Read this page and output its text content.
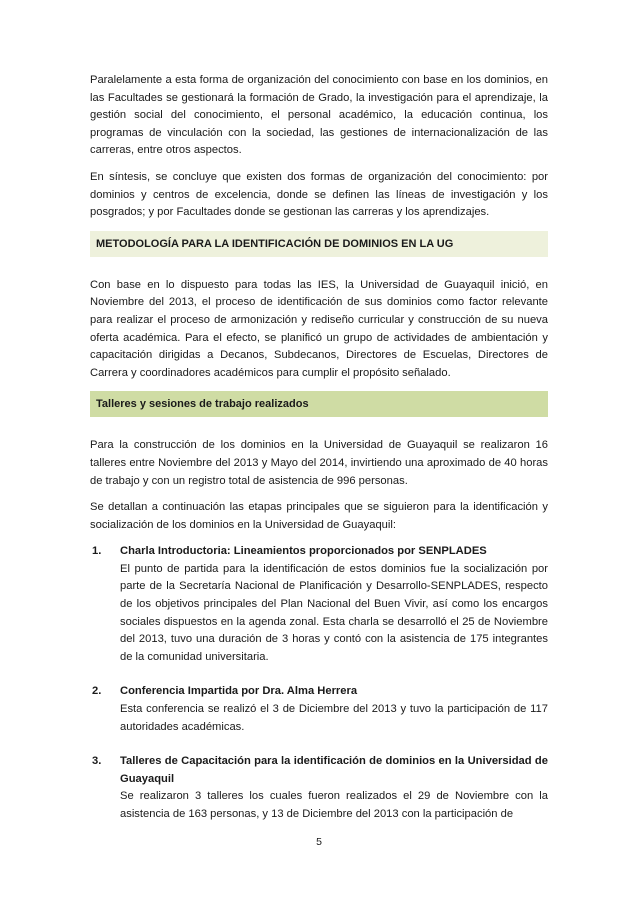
Paralelamente a esta forma de organización del conocimiento con base en los dominios, en las Facultades se gestionará la formación de Grado, la investigación para el aprendizaje, la gestión social del conocimiento, el personal académico, la educación continua, los programas de vinculación con la sociedad, las gestiones de internacionalización de las carreras, entre otros aspectos.

En síntesis, se concluye que existen dos formas de organización del conocimiento: por dominios y centros de excelencia, donde se definen las líneas de investigación y los posgrados; y por Facultades donde se gestionan las carreras y los aprendizajes.

METODOLOGÍA PARA LA IDENTIFICACIÓN DE DOMINIOS EN LA UG

Con base en lo dispuesto para todas las IES, la Universidad de Guayaquil inició, en Noviembre del 2013, el proceso de identificación de sus dominios como factor relevante para realizar el proceso de armonización y rediseño curricular y construcción de su nueva oferta académica. Para el efecto, se planificó un grupo de actividades de ambientación y capacitación dirigidas a Decanos, Subdecanos, Directores de Escuelas, Directores de Carrera y coordinadores académicos para cumplir el propósito señalado.

Talleres y sesiones de trabajo realizados

Para la construcción de los dominios en la Universidad de Guayaquil se realizaron 16 talleres entre Noviembre del 2013 y Mayo del 2014, invirtiendo una aproximado de 40 horas de trabajo y con un registro total de asistencia de 996 personas.

Se detallan a continuación las etapas principales que se siguieron para la identificación y socialización de los dominios en la Universidad de Guayaquil:

1.	Charla Introductoria: Lineamientos proporcionados por SENPLADES
El punto de partida para la identificación de estos dominios fue la socialización por parte de la Secretaría Nacional de Planificación y Desarrollo-SENPLADES, respecto de los objetivos principales del Plan Nacional del Buen Vivir, así como los encargos sociales dispuestos en la agenda zonal. Esta charla se desarrolló el 25 de Noviembre del 2013, tuvo una duración de 3 horas y contó con la asistencia de 175 integrantes de la comunidad universitaria.
2.	Conferencia Impartida por Dra. Alma Herrera
Esta conferencia se realizó el 3 de Diciembre del 2013 y tuvo la participación de 117 autoridades académicas.
3.	Talleres de Capacitación para la identificación de dominios en la Universidad de Guayaquil
Se realizaron 3 talleres los cuales fueron realizados el 29 de Noviembre con la asistencia de 163 personas, y 13 de Diciembre del 2013 con la participación de
5
